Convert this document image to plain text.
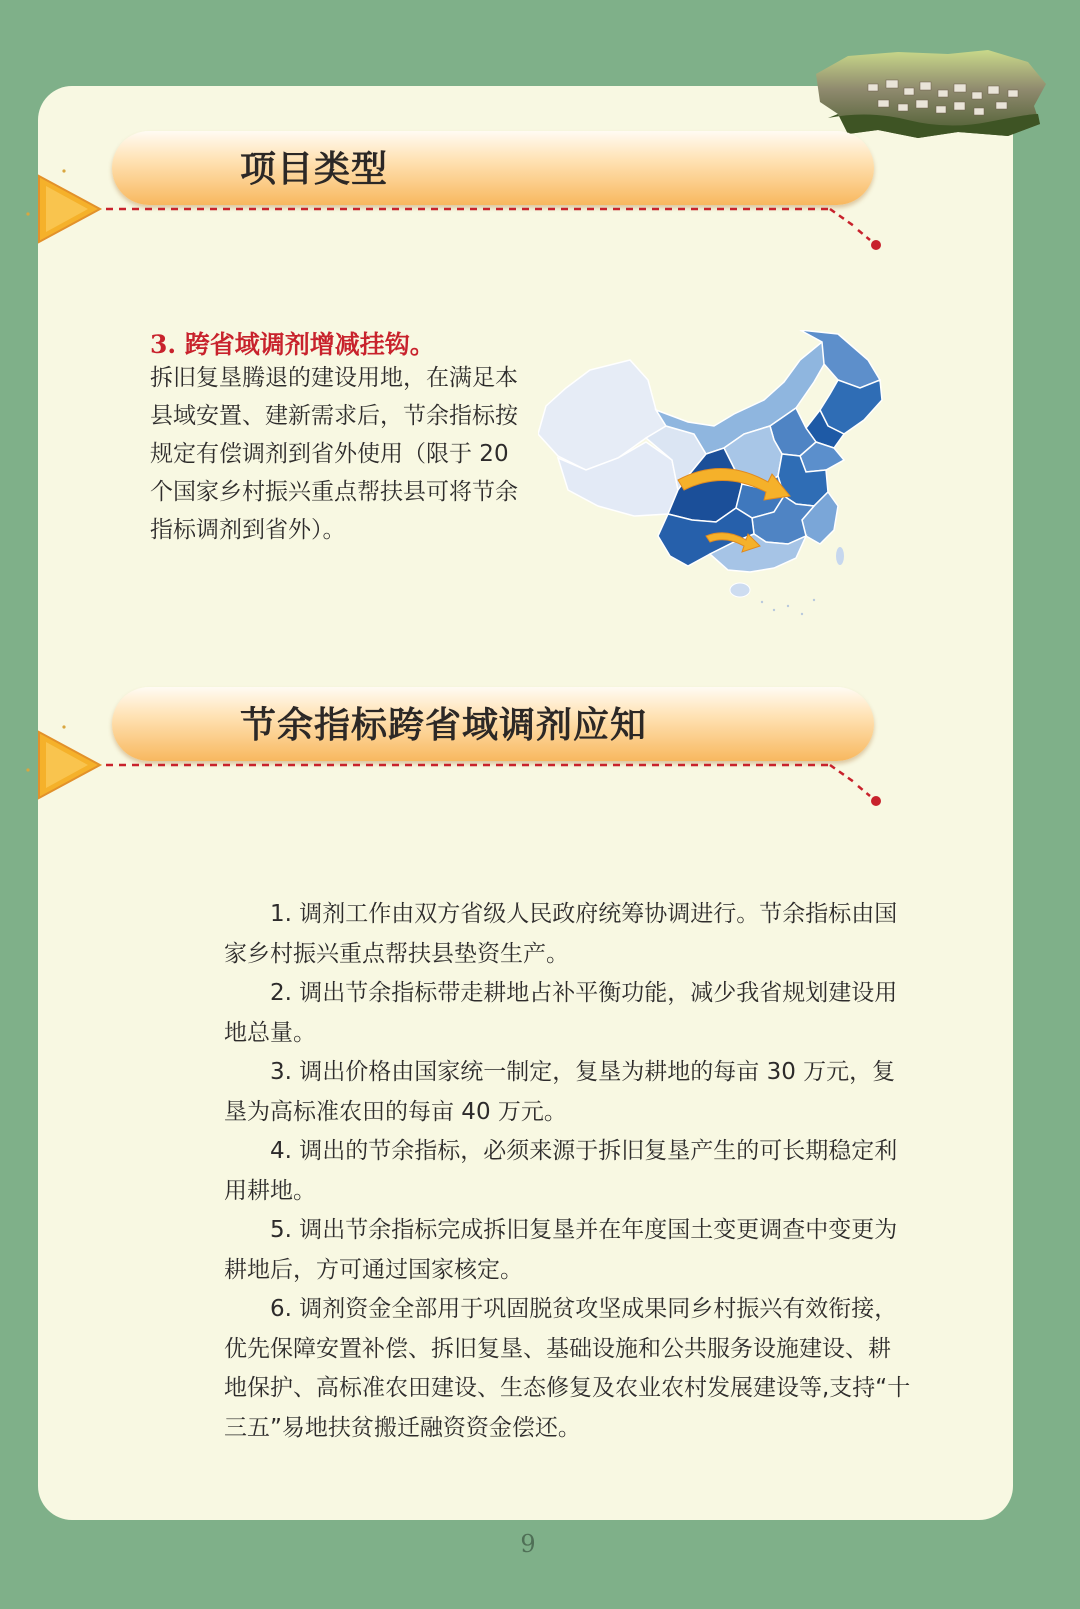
项目类型
3. 跨省域调剂增减挂钩。
拆旧复垦腾退的建设用地，在满足本县域安置、建新需求后，节余指标按规定有偿调剂到省外使用（限于 20 个国家乡村振兴重点帮扶县可将节余指标调剂到省外）。
节余指标跨省域调剂应知

1. 调剂工作由双方省级人民政府统筹协调进行。节余指标由国家乡村振兴重点帮扶县垫资生产。

2. 调出节余指标带走耕地占补平衡功能，减少我省规划建设用地总量。

3. 调出价格由国家统一制定，复垦为耕地的每亩 30 万元，复垦为高标准农田的每亩 40 万元。

4. 调出的节余指标，必须来源于拆旧复垦产生的可长期稳定利用耕地。

5. 调出节余指标完成拆旧复垦并在年度国土变更调查中变更为耕地后，方可通过国家核定。

6. 调剂资金全部用于巩固脱贫攻坚成果同乡村振兴有效衔接，优先保障安置补偿、拆旧复垦、基础设施和公共服务设施建设、耕地保护、高标准农田建设、生态修复及农业农村发展建设等,支持“十三五”易地扶贫搬迁融资资金偿还。

9
